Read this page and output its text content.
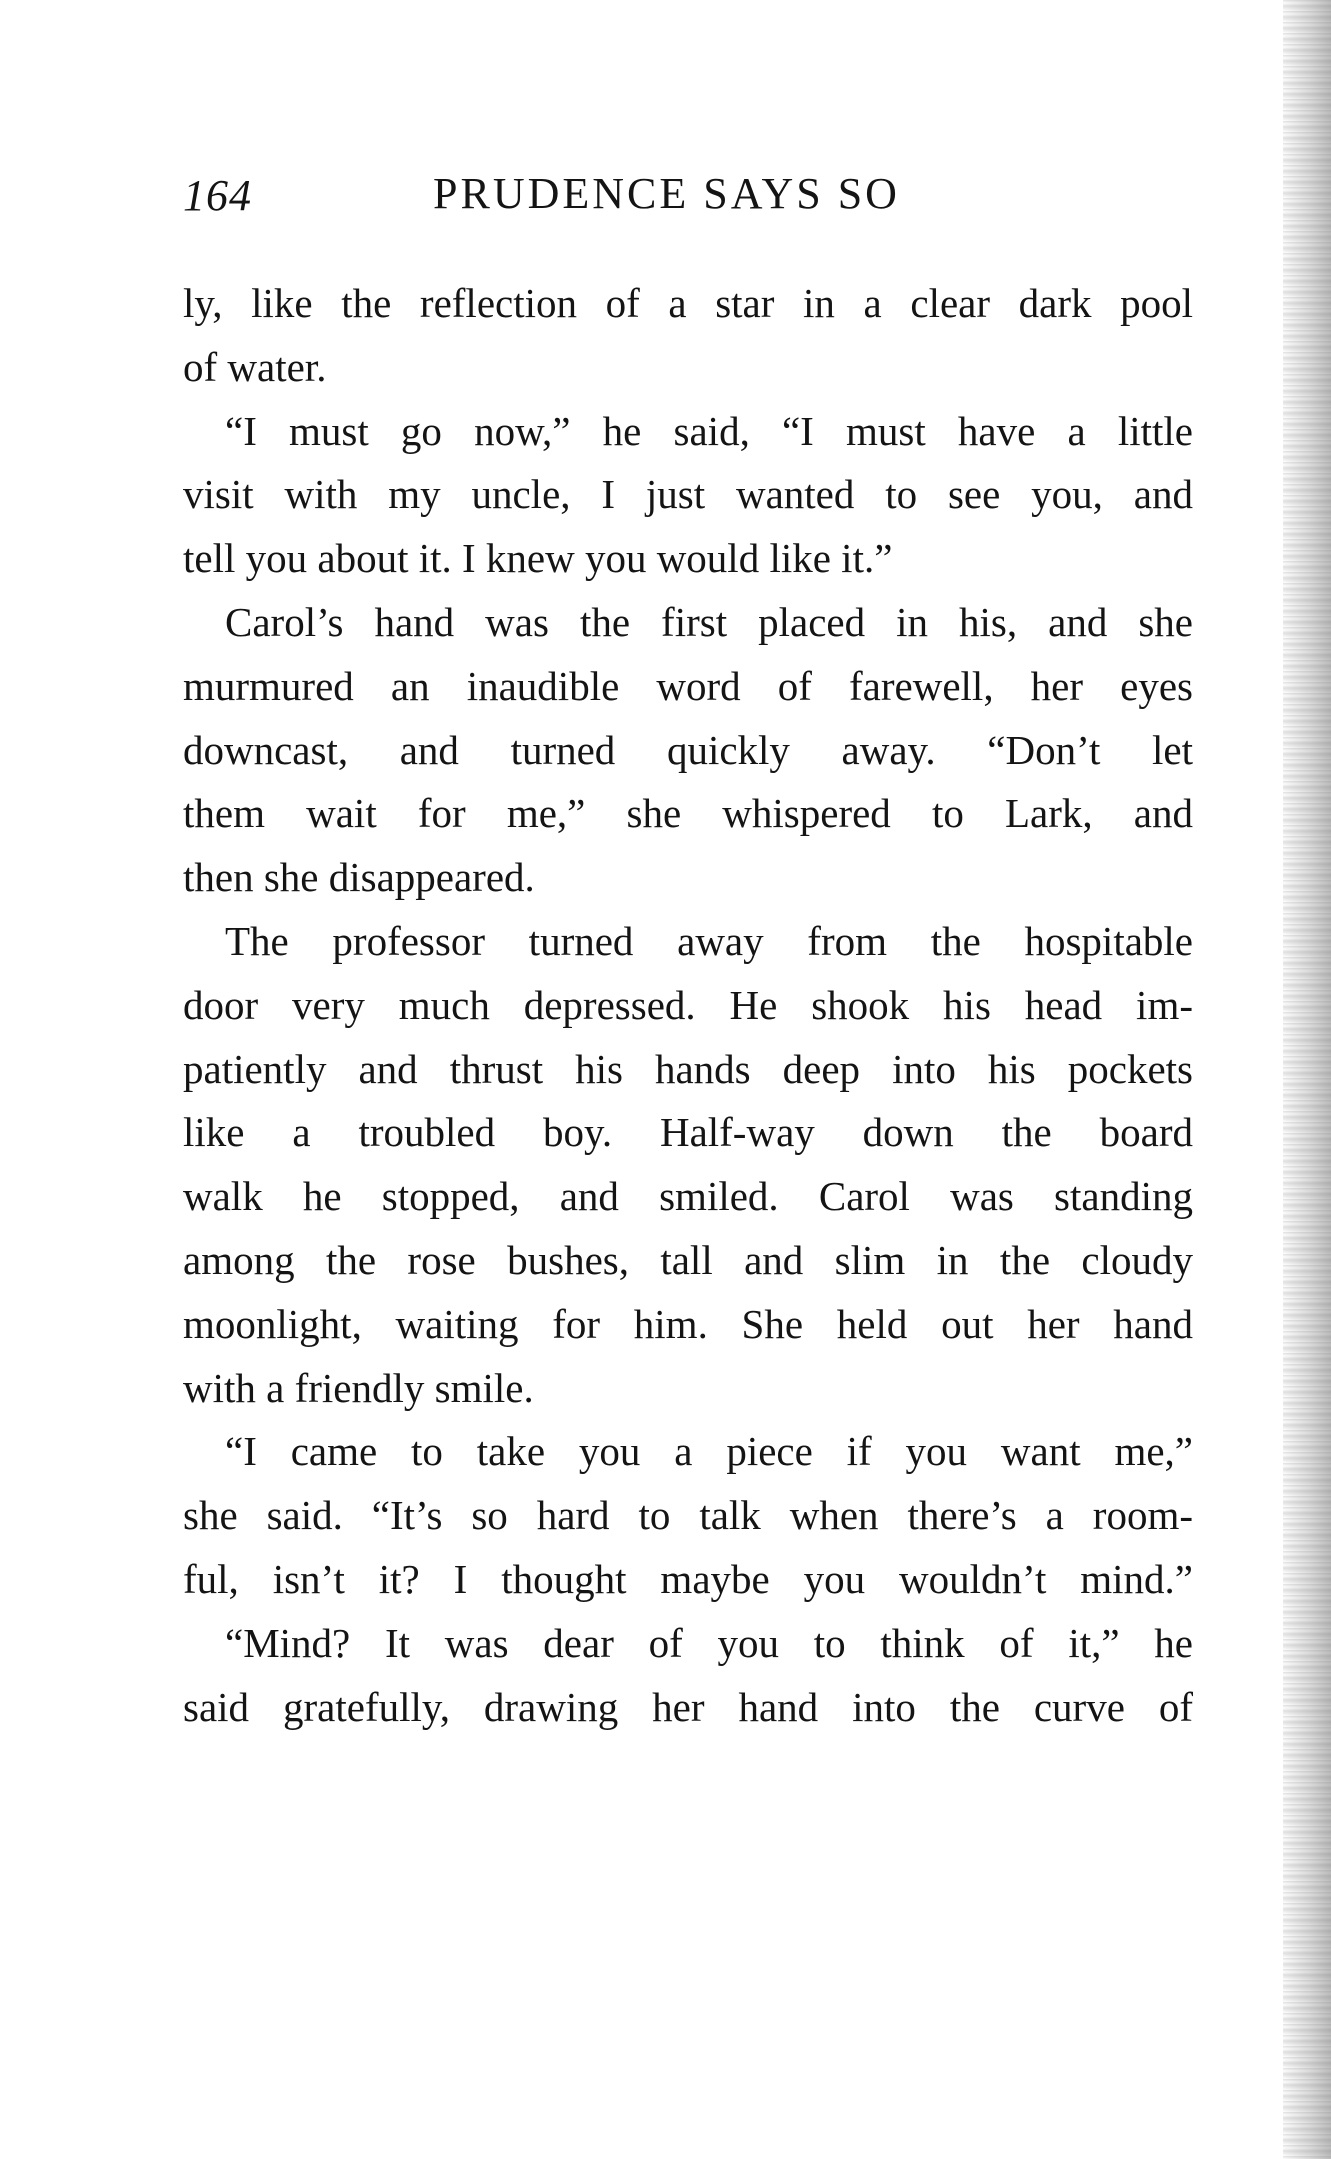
164	PRUDENCE SAYS SO
ly, like the reflection of a star in a clear dark pool
of water.
“I must go now,” he said, “I must have a little
visit with my uncle, I just wanted to see you, and
tell you about it. I knew you would like it.”
Carol’s hand was the first placed in his, and she
murmured an inaudible word of farewell, her eyes
downcast, and turned quickly away. “Don’t let
them wait for me,” she whispered to Lark, and
then she disappeared.
The professor turned away from the hospitable
door very much depressed. He shook his head im-
patiently and thrust his hands deep into his pockets
like a troubled boy. Half-way down the board
walk he stopped, and smiled. Carol was standing
among the rose bushes, tall and slim in the cloudy
moonlight, waiting for him. She held out her hand
with a friendly smile.
“I came to take you a piece if you want me,”
she said. “It’s so hard to talk when there’s a room-
ful, isn’t it? I thought maybe you wouldn’t mind.”
“Mind? It was dear of you to think of it,” he
said gratefully, drawing her hand into the curve of
